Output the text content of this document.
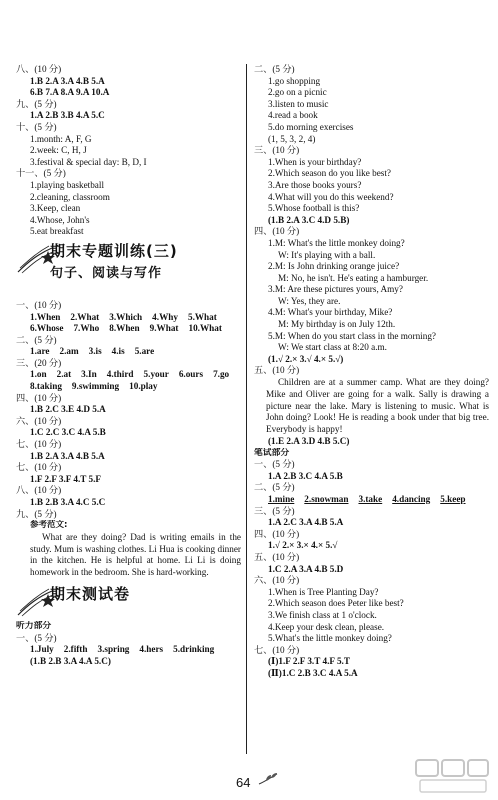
八、(10 分)
1.B 2.A 3.A 4.B 5.A
6.B 7.A 8.A 9.A 10.A
九、(5 分)
1.A 2.B 3.B 4.A 5.C
十、(5 分)
1.month: A, F, G
2.week: C, H, J
3.festival & special day: B, D, I
十一、(5 分)
1.playing basketball
2.cleaning, classroom
3.Keep, clean
4.Whose, John's
5.eat breakfast
期末专题训练(三)
句子、阅读与写作
一、(10 分)
1.When 2.What 3.Which 4.Why 5.What
6.Whose 7.Who 8.When 9.What 10.What
二、(5 分)
1.are 2.am 3.is 4.is 5.are
三、(20 分)
1.on 2.at 3.In 4.third 5.your 6.ours 7.go
8.taking 9.swimming 10.play
四、(10 分)
1.B 2.C 3.E 4.D 5.A
六、(10 分)
1.C 2.C 3.C 4.A 5.B
七、(10 分)
1.B 2.A 3.A 4.B 5.A
七、(10 分)
1.F 2.F 3.F 4.T 5.F
八、(10 分)
1.B 2.B 3.A 4.C 5.C
九、(5 分)
参考范文:
What are they doing? Dad is writing emails in the study. Mum is washing clothes. Li Hua is cooking dinner in the kitchen. He is helpful at home. Li Li is doing homework in the bedroom. She is hard-working.
期末测试卷
听力部分
一、(5 分)
1.July 2.fifth 3.spring 4.hers 5.drinking
(1.B 2.B 3.A 4.A 5.C)
二、(5 分)
1.go shopping
2.go on a picnic
3.listen to music
4.read a book
5.do morning exercises
(1, 5, 3, 2, 4)
三、(10 分)
1.When is your birthday?
2.Which season do you like best?
3.Are those books yours?
4.What will you do this weekend?
5.Whose football is this?
(1.B 2.A 3.C 4.D 5.B)
四、(10 分)
1.M: What's the little monkey doing?
W: It's playing with a ball.
2.M: Is John drinking orange juice?
M: No, he isn't. He's eating a hamburger.
3.M: Are these pictures yours, Amy?
W: Yes, they are.
4.M: What's your birthday, Mike?
M: My birthday is on July 12th.
5.M: When do you start class in the morning?
W: We start class at 8:20 a.m.
(1.√ 2.× 3.√ 4.× 5.√)
五、(10 分)
Children are at a summer camp. What are they doing? Mike and Oliver are going for a walk. Sally is drawing a picture near the lake. Mary is listening to music. What is John doing? Look! He is reading a book under that big tree. Everybody is happy!
(1.E 2.A 3.D 4.B 5.C)
笔试部分
一、(5 分)
1.A 2.B 3.C 4.A 5.B
二、(5 分)
1.mine 2.snowman 3.take 4.dancing 5.keep
三、(5 分)
1.A 2.C 3.A 4.B 5.A
四、(10 分)
1.√ 2.× 3.× 4.× 5.√
五、(10 分)
1.C 2.A 3.A 4.B 5.D
六、(10 分)
1.When is Tree Planting Day?
2.Which season does Peter like best?
3.We finish class at 1 o'clock.
4.Keep your desk clean, please.
5.What's the little monkey doing?
七、(10 分)
(Ⅰ)1.F 2.F 3.T 4.F 5.T
(Ⅱ)1.C 2.B 3.C 4.A 5.A
64
